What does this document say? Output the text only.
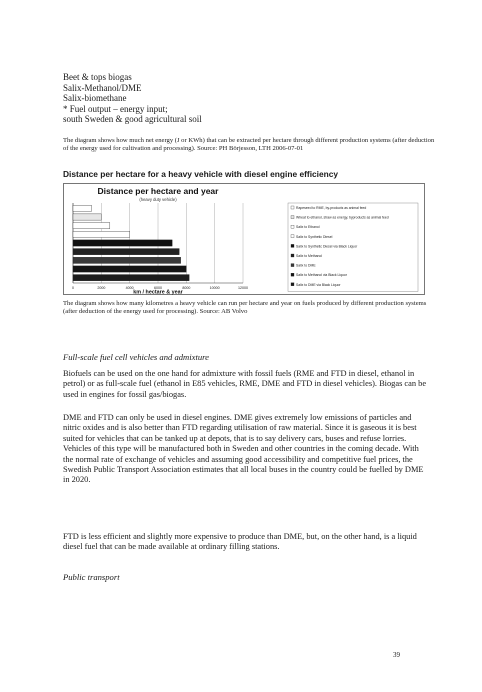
Beet & tops biogas
Salix-Methanol/DME
Salix-biomethane
* Fuel output – energy input;
south Sweden & good agricultural soil
The diagram shows how much net energy (J or KWh) that can be extracted per hectare through different production systems (after deduction of the energy used for cultivation and processing). Source: PH Börjesson, LTH 2006-07-01
Distance per hectare for a heavy vehicle with diesel engine efficiency
Distance per hectare and year
(heavy duty vehicle)
0	2000	4000	6000	8000	10000	12000
km / hectare & year
Rapeseed to RME, by-products as animal feed
Wheat to ethanol, straw as energy, byproducts as animal feed
Salix to Ethanol
Salix to Synthetic Diesel
Salix to Synthetic Diesel via Black Liquor
Salix to Methanol
Salix to DME
Salix to Methanol via Black Liquor
Salix to DME via Black Liquor
The diagram shows how many kilometres a heavy vehicle can run per hectare and year on fuels produced by different production systems (after deduction of the energy used for processing). Source: AB Volvo
Full-scale fuel cell vehicles and admixture
Biofuels can be used on the one hand for admixture with fossil fuels (RME and FTD in diesel, ethanol in petrol) or as full-scale fuel (ethanol in E85 vehicles, RME, DME and FTD in diesel vehicles). Biogas can be used in engines for fossil gas/biogas.
DME and FTD can only be used in diesel engines. DME gives extremely low emissions of particles and nitric oxides and is also better than FTD regarding utilisation of raw material. Since it is gaseous it is best suited for vehicles that can be tanked up at depots, that is to say delivery cars, buses and refuse lorries. Vehicles of this type will be manufactured both in Sweden and other countries in the coming decade. With the normal rate of exchange of vehicles and assuming good accessibility and competitive fuel prices, the Swedish Public Transport Association estimates that all local buses in the country could be fuelled by DME in 2020.
FTD is less efficient and slightly more expensive to produce than DME, but, on the other hand, is a liquid diesel fuel that can be made available at ordinary filling stations.
Public transport
39
